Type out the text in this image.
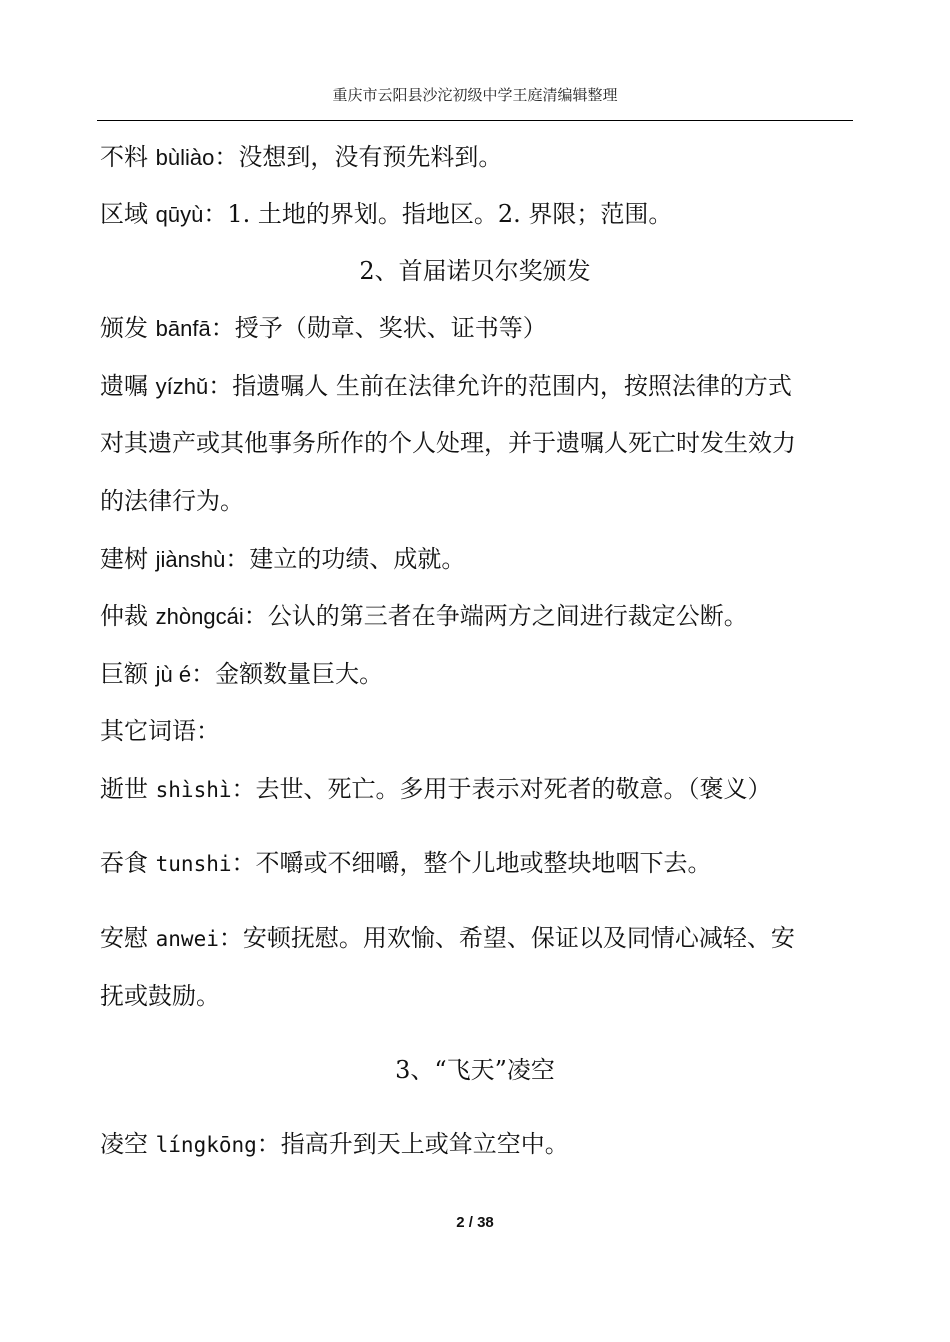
重庆市云阳县沙沱初级中学王庭清编辑整理
不料 bùliào：没想到，没有预先料到。
区域 qūyù：1. 土地的界划。指地区。2. 界限；范围。
2、首届诺贝尔奖颁发
颁发 bānfā：授予（勋章、奖状、证书等）
遗嘱 yízhǔ：指遗嘱人 生前在法律允许的范围内，按照法律的方式
对其遗产或其他事务所作的个人处理，并于遗嘱人死亡时发生效力
的法律行为。
建树 jiànshù：建立的功绩、成就。
仲裁 zhòngcái：公认的第三者在争端两方之间进行裁定公断。
巨额 jù é：金额数量巨大。
其它词语：
逝世 shìshì：去世、死亡。多用于表示对死者的敬意。（褒义）
吞食 tunshi：不嚼或不细嚼，整个儿地或整块地咽下去。
安慰 anwei：安顿抚慰。用欢愉、希望、保证以及同情心减轻、安
抚或鼓励。
3、“飞天”凌空
凌空 língkōng：指高升到天上或耸立空中。
2 / 38
